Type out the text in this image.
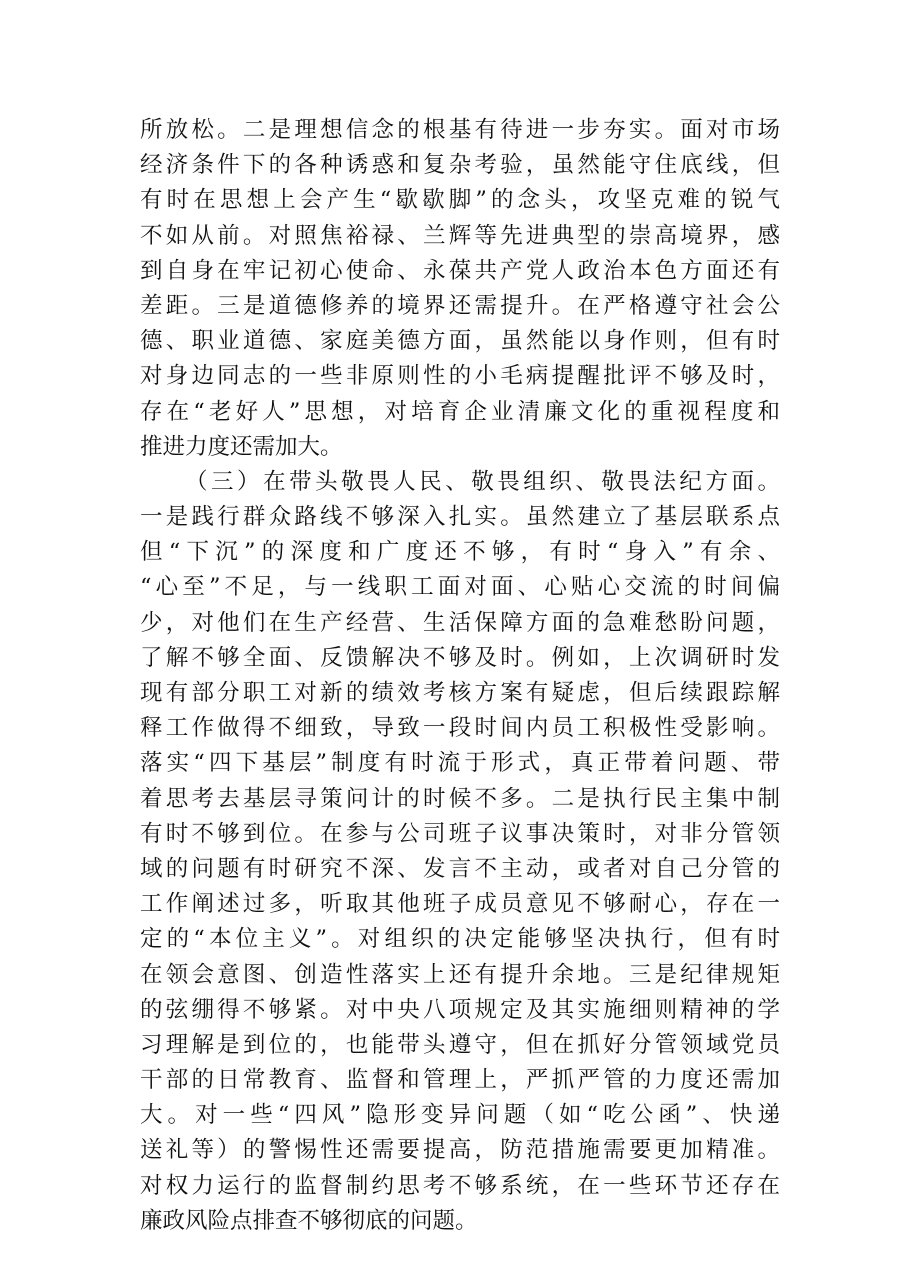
所放松。二是理想信念的根基有待进一步夯实。面对市场
经济条件下的各种诱惑和复杂考验，虽然能守住底线，但
有时在思想上会产生“歇歇脚”的念头，攻坚克难的锐气
不如从前。对照焦裕禄、兰辉等先进典型的崇高境界，感
到自身在牢记初心使命、永葆共产党人政治本色方面还有
差距。三是道德修养的境界还需提升。在严格遵守社会公
德、职业道德、家庭美德方面，虽然能以身作则，但有时
对身边同志的一些非原则性的小毛病提醒批评不够及时，
存在“老好人”思想，对培育企业清廉文化的重视程度和
推进力度还需加大。
（三）在带头敬畏人民、敬畏组织、敬畏法纪方面。
一是践行群众路线不够深入扎实。虽然建立了基层联系点
但“下沉”的深度和广度还不够，有时“身入”有余、
“心至”不足，与一线职工面对面、心贴心交流的时间偏
少，对他们在生产经营、生活保障方面的急难愁盼问题，
了解不够全面、反馈解决不够及时。例如，上次调研时发
现有部分职工对新的绩效考核方案有疑虑，但后续跟踪解
释工作做得不细致，导致一段时间内员工积极性受影响。
落实“四下基层”制度有时流于形式，真正带着问题、带
着思考去基层寻策问计的时候不多。二是执行民主集中制
有时不够到位。在参与公司班子议事决策时，对非分管领
域的问题有时研究不深、发言不主动，或者对自己分管的
工作阐述过多，听取其他班子成员意见不够耐心，存在一
定的“本位主义”。对组织的决定能够坚决执行，但有时
在领会意图、创造性落实上还有提升余地。三是纪律规矩
的弦绷得不够紧。对中央八项规定及其实施细则精神的学
习理解是到位的，也能带头遵守，但在抓好分管领域党员
干部的日常教育、监督和管理上，严抓严管的力度还需加
大。对一些“四风”隐形变异问题（如“吃公函”、快递
送礼等）的警惕性还需要提高，防范措施需要更加精准。
对权力运行的监督制约思考不够系统，在一些环节还存在
廉政风险点排查不够彻底的问题。
